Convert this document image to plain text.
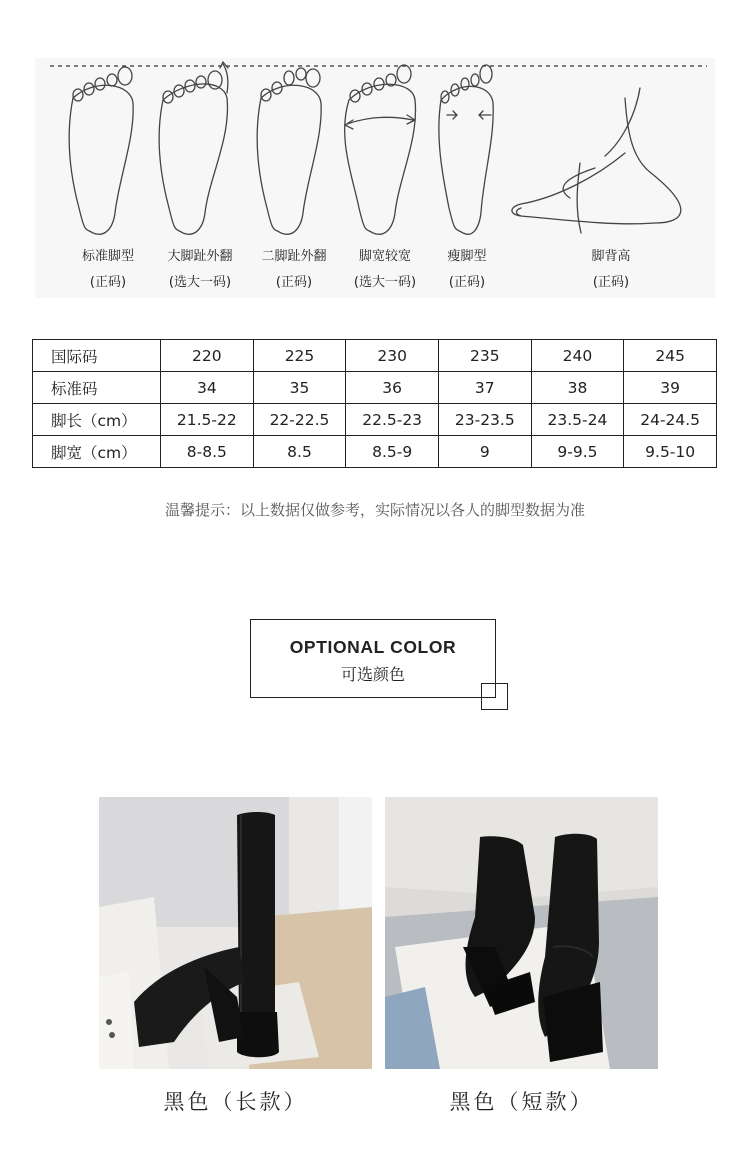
标准脚型
(正码)
大脚趾外翻
(选大一码)
二脚趾外翻
(正码)
脚宽较宽
(选大一码)
瘦脚型
(正码)
脚背高
(正码)
国际码	220	225	230	235	240	245
标准码	34	35	36	37	38	39
脚长（cm）	21.5-22	22-22.5	22.5-23	23-23.5	23.5-24	24-24.5
脚宽（cm）	8-8.5	8.5	8.5-9	9	9-9.5	9.5-10
温馨提示：以上数据仅做参考，实际情况以各人的脚型数据为准
OPTIONAL COLOR
可选颜色
黑色（长款）	黑色（短款）
